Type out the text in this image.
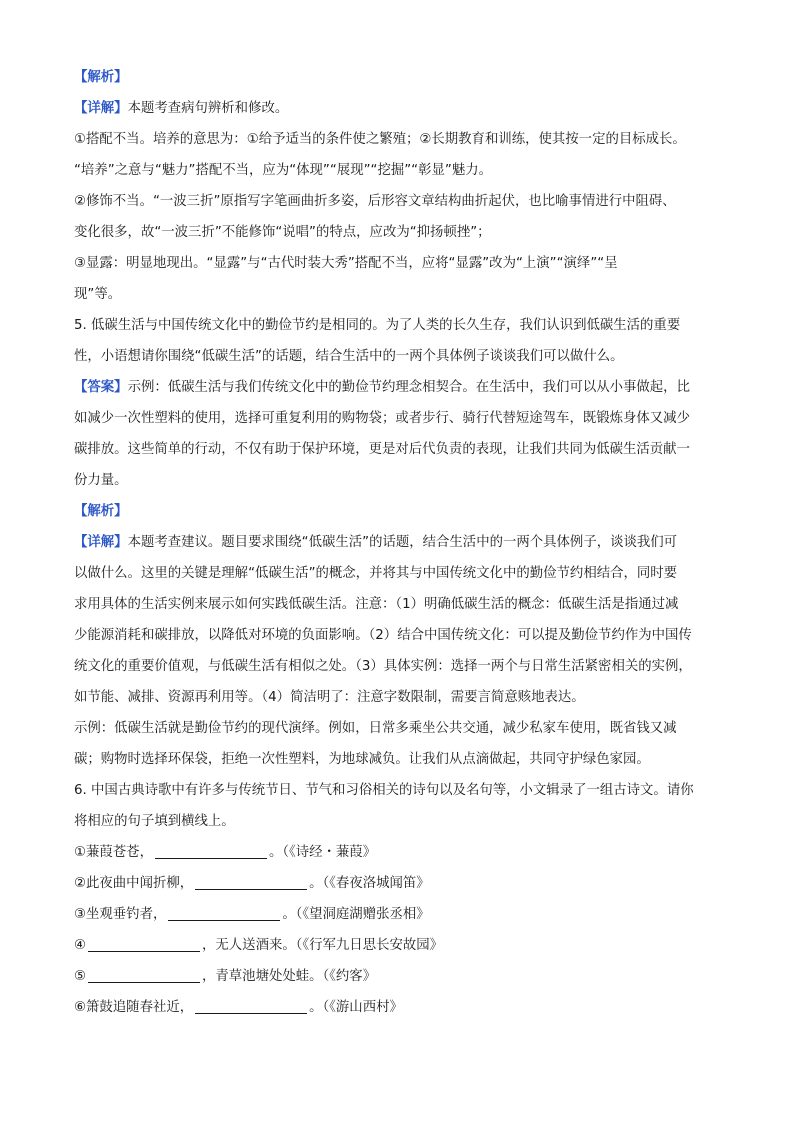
【解析】
【详解】本题考查病句辨析和修改。
①搭配不当。培养的意思为：①给予适当的条件使之繁殖；②长期教育和训练，使其按一定的目标成长。
“培养”之意与“魅力”搭配不当，应为“体现”“展现”“挖掘”“彰显”魅力。
②修饰不当。“一波三折”原指写字笔画曲折多姿，后形容文章结构曲折起伏，也比喻事情进行中阻碍、
变化很多，故“一波三折”不能修饰“说唱”的特点，应改为“抑扬顿挫”；
③显露：明显地现出。“显露”与“古代时装大秀”搭配不当，应将“显露”改为“上演”“演绎”“呈
现”等。
5. 低碳生活与中国传统文化中的勤俭节约是相同的。为了人类的长久生存，我们认识到低碳生活的重要
性，小语想请你围绕“低碳生活”的话题，结合生活中的一两个具体例子谈谈我们可以做什么。
【答案】示例：低碳生活与我们传统文化中的勤俭节约理念相契合。在生活中，我们可以从小事做起，比
如减少一次性塑料的使用，选择可重复利用的购物袋；或者步行、骑行代替短途驾车，既锻炼身体又减少
碳排放。这些简单的行动，不仅有助于保护环境，更是对后代负责的表现，让我们共同为低碳生活贡献一
份力量。
【解析】
【详解】本题考查建议。题目要求围绕“低碳生活”的话题，结合生活中的一两个具体例子，谈谈我们可
以做什么。这里的关键是理解“低碳生活”的概念，并将其与中国传统文化中的勤俭节约相结合，同时要
求用具体的生活实例来展示如何实践低碳生活。注意：（1）明确低碳生活的概念：低碳生活是指通过减
少能源消耗和碳排放，以降低对环境的负面影响。（2）结合中国传统文化：可以提及勤俭节约作为中国传
统文化的重要价值观，与低碳生活有相似之处。（3）具体实例：选择一两个与日常生活紧密相关的实例，
如节能、减排、资源再利用等。（4）简洁明了：注意字数限制，需要言简意赅地表达。
示例：低碳生活就是勤俭节约的现代演绎。例如，日常多乘坐公共交通，减少私家车使用，既省钱又减
碳；购物时选择环保袋，拒绝一次性塑料，为地球减负。让我们从点滴做起，共同守护绿色家园。
6. 中国古典诗歌中有许多与传统节日、节气和习俗相关的诗句以及名句等，小文辑录了一组古诗文。请你
将相应的句子填到横线上。
①蒹葭苍苍，	。（《诗经・蒹葭》
②此夜曲中闻折柳，	。（《春夜洛城闻笛》
③坐观垂钓者，	。（《望洞庭湖赠张丞相》
④	，无人送酒来。（《行军九日思长安故园》
⑤	，青草池塘处处蛙。（《约客》
⑥箫鼓追随春社近，	。（《游山西村》
